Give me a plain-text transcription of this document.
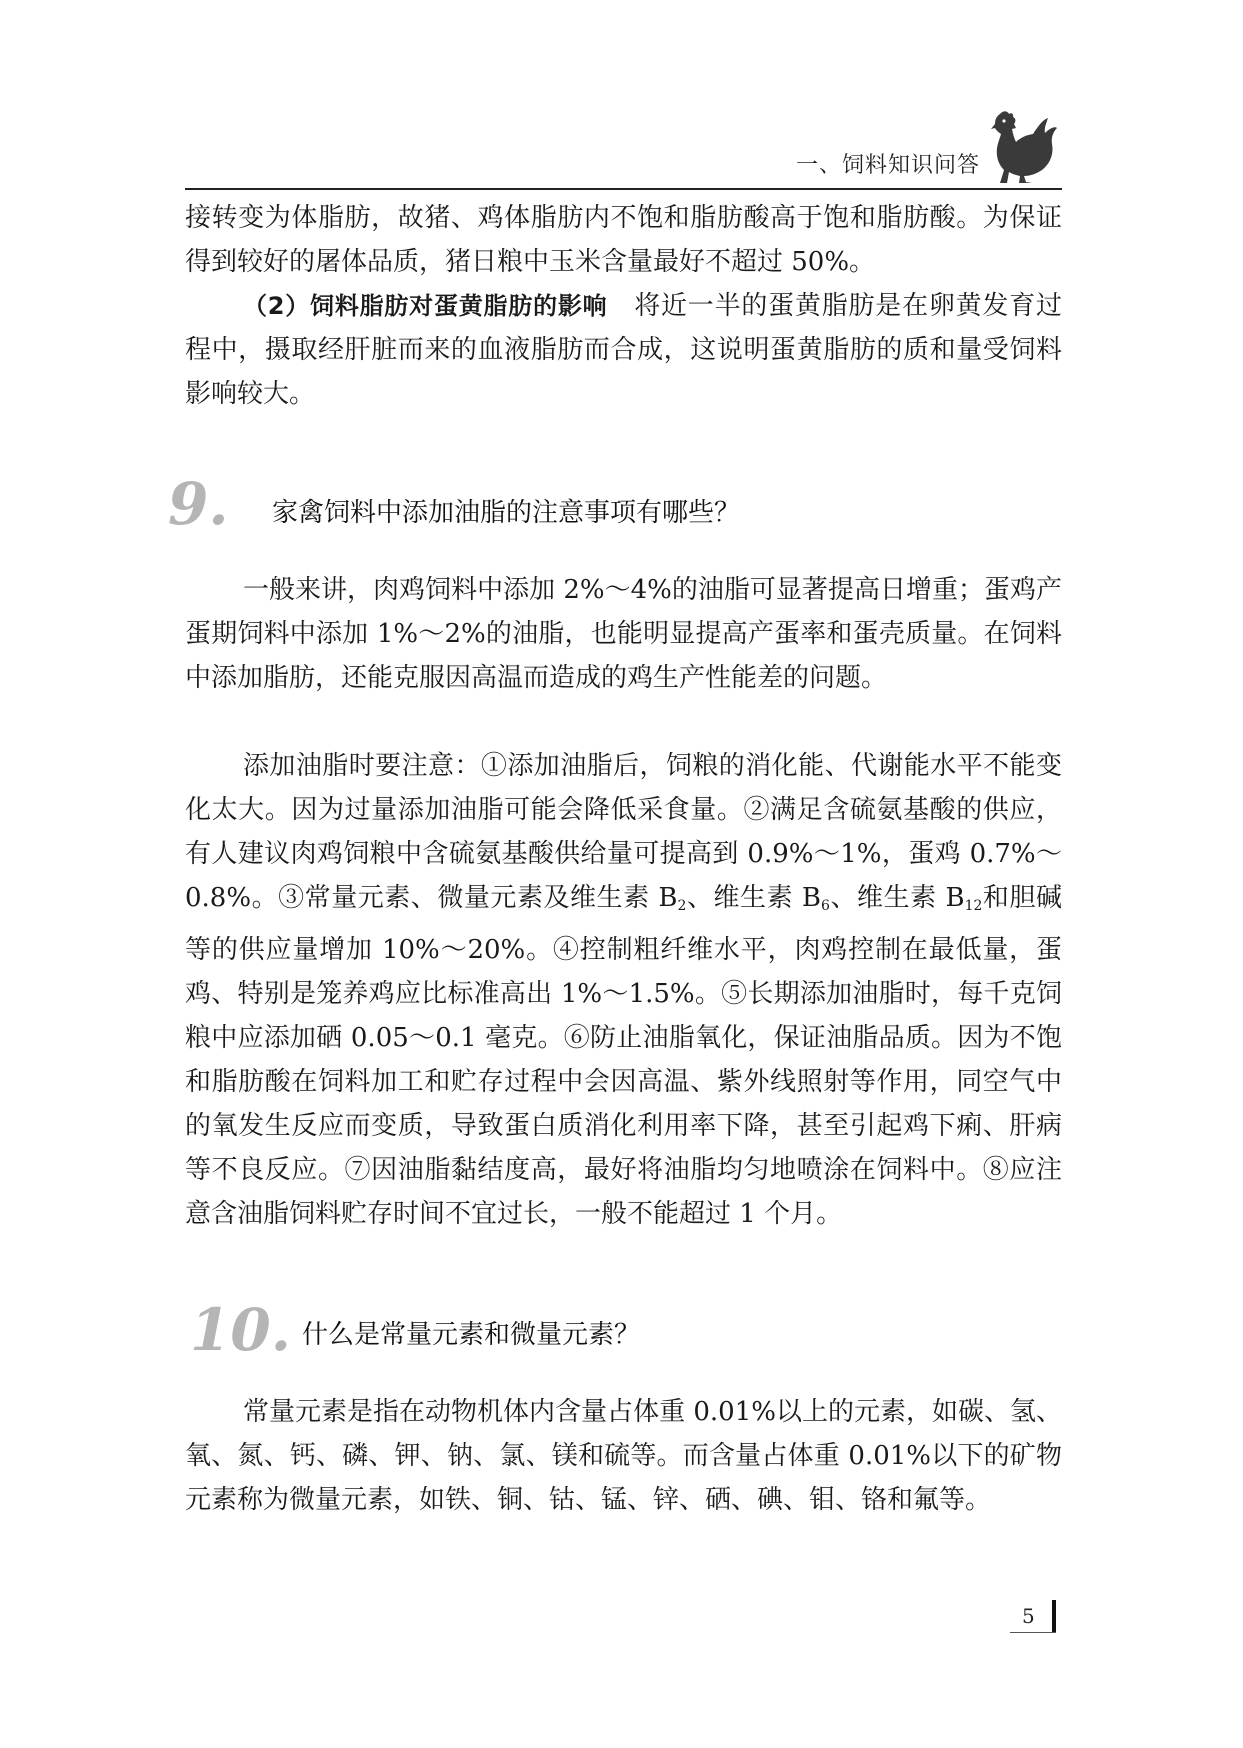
一、饲料知识问答

接转变为体脂肪，故猪、鸡体脂肪内不饱和脂肪酸高于饱和脂肪酸。为保证得到较好的屠体品质，猪日粮中玉米含量最好不超过 50%。

（2）饲料脂肪对蛋黄脂肪的影响　将近一半的蛋黄脂肪是在卵黄发育过程中，摄取经肝脏而来的血液脂肪而合成，这说明蛋黄脂肪的质和量受饲料影响较大。

9. 家禽饲料中添加油脂的注意事项有哪些？

一般来讲，肉鸡饲料中添加 2%～4%的油脂可显著提高日增重；蛋鸡产蛋期饲料中添加 1%～2%的油脂，也能明显提高产蛋率和蛋壳质量。在饲料中添加脂肪，还能克服因高温而造成的鸡生产性能差的问题。

添加油脂时要注意：①添加油脂后，饲粮的消化能、代谢能水平不能变化太大。因为过量添加油脂可能会降低采食量。②满足含硫氨基酸的供应，有人建议肉鸡饲粮中含硫氨基酸供给量可提高到 0.9%～1%，蛋鸡 0.7%～0.8%。③常量元素、微量元素及维生素 $B_2$、维生素 $B_6$、维生素 $B_{12}$和胆碱等的供应量增加 10%～20%。④控制粗纤维水平，肉鸡控制在最低量，蛋鸡、特别是笼养鸡应比标准高出 1%～1.5%。⑤长期添加油脂时，每千克饲粮中应添加硒 0.05～0.1 毫克。⑥防止油脂氧化，保证油脂品质。因为不饱和脂肪酸在饲料加工和贮存过程中会因高温、紫外线照射等作用，同空气中的氧发生反应而变质，导致蛋白质消化利用率下降，甚至引起鸡下痢、肝病等不良反应。⑦因油脂黏结度高，最好将油脂均匀地喷涂在饲料中。⑧应注意含油脂饲料贮存时间不宜过长，一般不能超过 1 个月。

10. 什么是常量元素和微量元素？

常量元素是指在动物机体内含量占体重 0.01%以上的元素，如碳、氢、氧、氮、钙、磷、钾、钠、氯、镁和硫等。而含量占体重 0.01%以下的矿物元素称为微量元素，如铁、铜、钴、锰、锌、硒、碘、钼、铬和氟等。

5
